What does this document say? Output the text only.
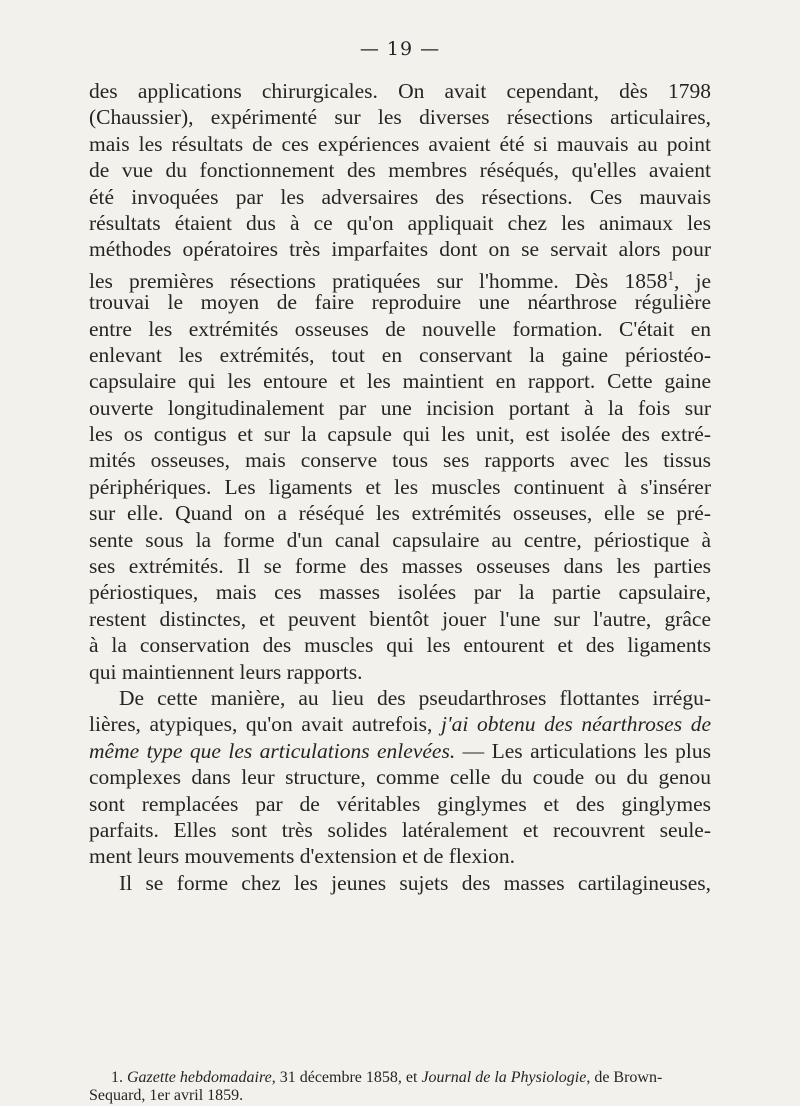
— 19 —
des applications chirurgicales. On avait cependant, dès 1798
(Chaussier), expérimenté sur les diverses résections articulaires,
mais les résultats de ces expériences avaient été si mauvais au point
de vue du fonctionnement des membres réséqués, qu'elles avaient
été invoquées par les adversaires des résections. Ces mauvais
résultats étaient dus à ce qu'on appliquait chez les animaux les
méthodes opératoires très imparfaites dont on se servait alors pour
les premières résections pratiquées sur l'homme. Dès 1858$^1$, je
trouvai le moyen de faire reproduire une néarthrose régulière
entre les extrémités osseuses de nouvelle formation. C'était en
enlevant les extrémités, tout en conservant la gaine périostéo-
capsulaire qui les entoure et les maintient en rapport. Cette gaine
ouverte longitudinalement par une incision portant à la fois sur
les os contigus et sur la capsule qui les unit, est isolée des extré-
mités osseuses, mais conserve tous ses rapports avec les tissus
périphériques. Les ligaments et les muscles continuent à s'insérer
sur elle. Quand on a réséqué les extrémités osseuses, elle se pré-
sente sous la forme d'un canal capsulaire au centre, périostique à
ses extrémités. Il se forme des masses osseuses dans les parties
périostiques, mais ces masses isolées par la partie capsulaire,
restent distinctes, et peuvent bientôt jouer l'une sur l'autre, grâce
à la conservation des muscles qui les entourent et des ligaments
qui maintiennent leurs rapports.
De cette manière, au lieu des pseudarthroses flottantes irrégu-
lières, atypiques, qu'on avait autrefois, j'ai obtenu des néarthroses de
même type que les articulations enlevées. — Les articulations les plus
complexes dans leur structure, comme celle du coude ou du genou
sont remplacées par de véritables ginglymes et des ginglymes
parfaits. Elles sont très solides latéralement et recouvrent seule-
ment leurs mouvements d'extension et de flexion.
Il se forme chez les jeunes sujets des masses cartilagineuses,
1. Gazette hebdomadaire, 31 décembre 1858, et Journal de la Physiologie, de Brown-
Sequard, 1er avril 1859.
